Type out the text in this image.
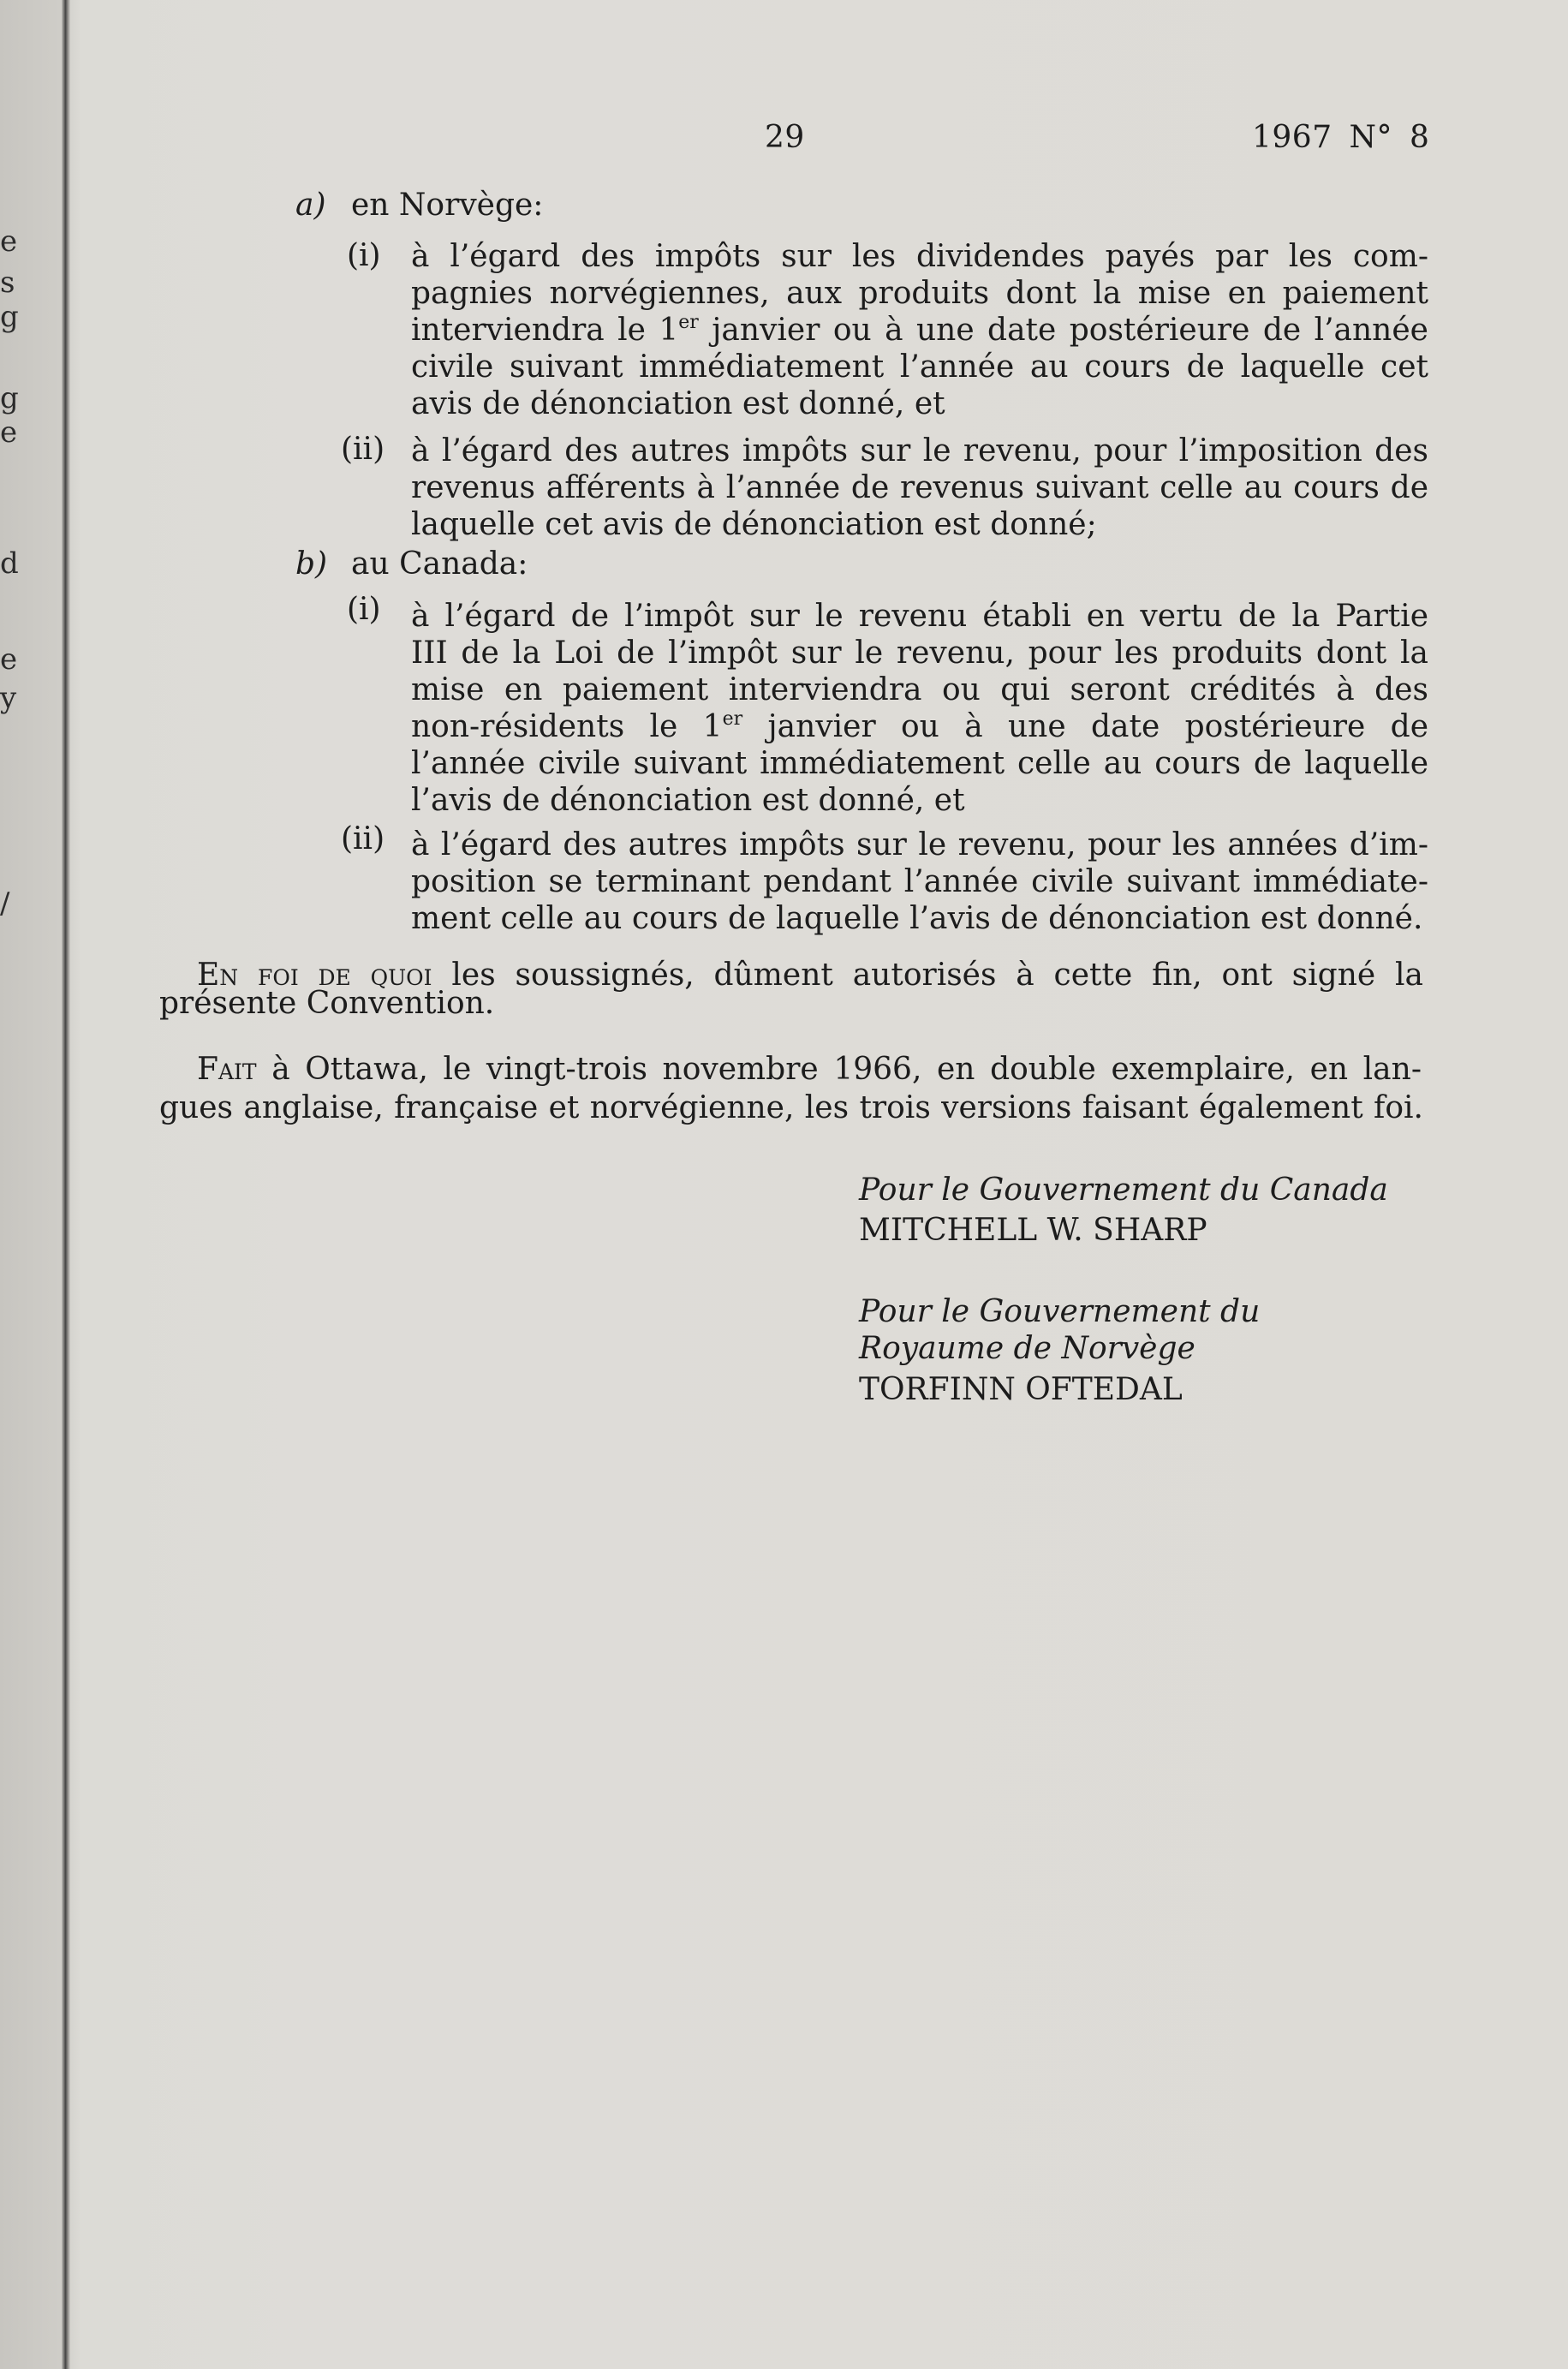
e
s
g
g
e
d
e
y
/
29	1967 N° 8
a) en Norvège:
(i) à l’égard des impôts sur les dividendes payés par les com-
pagnies norvégiennes, aux produits dont la mise en paiement
interviendra le 1er janvier ou à une date postérieure de l’année
civile suivant immédiatement l’année au cours de laquelle cet
avis de dénonciation est donné, et
(ii) à l’égard des autres impôts sur le revenu, pour l’imposition des
revenus afférents à l’année de revenus suivant celle au cours de
laquelle cet avis de dénonciation est donné;
b) au Canada:
(i) à l’égard de l’impôt sur le revenu établi en vertu de la Partie
III de la Loi de l’impôt sur le revenu, pour les produits dont la
mise en paiement interviendra ou qui seront crédités à des
non-résidents le 1er janvier ou à une date postérieure de
l’année civile suivant immédiatement celle au cours de laquelle
l’avis de dénonciation est donné, et
(ii) à l’égard des autres impôts sur le revenu, pour les années d’im-
position se terminant pendant l’année civile suivant immédiate-
ment celle au cours de laquelle l’avis de dénonciation est donné.
En foi de quoi les soussignés, dûment autorisés à cette fin, ont signé la
présente Convention.
Fait à Ottawa, le vingt-trois novembre 1966, en double exemplaire, en lan-
gues anglaise, française et norvégienne, les trois versions faisant également foi.
Pour le Gouvernement du Canada
MITCHELL W. SHARP
Pour le Gouvernement du
Royaume de Norvège
TORFINN OFTEDAL
